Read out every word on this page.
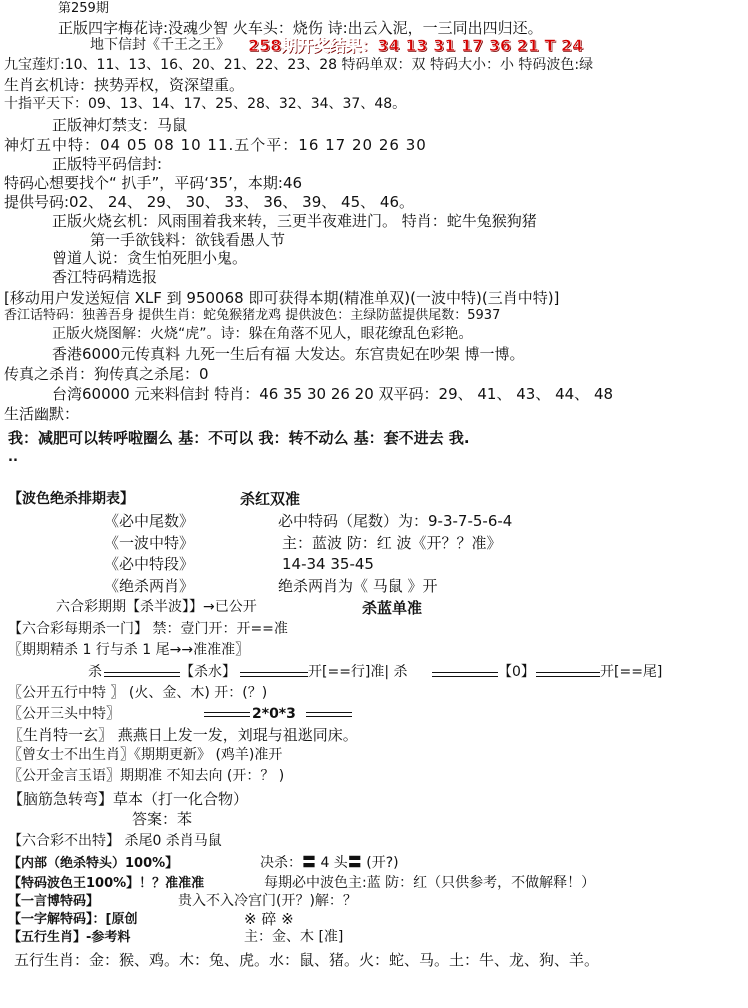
第259期
正版四字梅花诗:没魂少智 火车头：烧伤 诗:出云入泥，一三同出四归还。
地下信封《千王之王》 258期开奖结果：34 13 31 17 36 21 T 24
九宝莲灯:10、11、13、16、20、21、22、23、28 特码单双：双 特码大小：小 特码波色:绿
生肖玄机诗：挟势弄权，资深望重。
十指平天下：09、13、14、17、25、28、32、34、37、48。
正版神灯禁支：马鼠
神灯五中特：04 05 08 10 11.五个平：16 17 20 26 30
正版特平码信封:
特码心想要找个“ 扒手”，平码‘35’，本期:46
提供号码:02、 24、 29、 30、 33、 36、 39、 45、 46。
正版火烧玄机：风雨围着我来转，三更半夜难进门。 特肖：蛇牛兔猴狗猪
第一手欲钱料：欲钱看愚人节
曾道人说：贪生怕死胆小鬼。
香江特码精选报
[移动用户发送短信 XLF 到 950068 即可获得本期(精准单双)(一波中特)(三肖中特)]
香江话特码：独善吾身 提供生肖：蛇兔猴猪龙鸡 提供波色：主绿防蓝提供尾数：5937
正版火烧图解：火烧“虎”。诗：躲在角落不见人，眼花缭乱色彩艳。
香港6000元传真料 九死一生后有福 大发达。东宫贵妃在吵架 博一博。
传真之杀肖：狗传真之杀尾：0
台湾60000 元来料信封 特肖：46 35 30 26 20 双平码：29、 41、 43、 44、 48
生活幽默：
我：减肥可以转呼啦圈么 基：不可以 我：转不动么 基：套不进去 我.
..
【波色绝杀排期表】	杀红双准
《必中尾数》	必中特码（尾数）为：9-3-7-5-6-4
《一波中特》	主：蓝波 防：红 波《开？？准》
《必中特段》	14-34 35-45
《绝杀两肖》	绝杀两肖为《 马鼠 》开
六合彩期期【杀半波】】→已公开	杀蓝单准
【六合彩每期杀一门】 禁：壹门开：开==准
〖期期精杀 1 行与杀 1 尾→→准准准〗
杀	【杀水】	开[==行]准| 杀	【0】	开[==尾]
〖公开五行中特 〗 (火、金、木) 开：(？)
〖公开三头中特〗	2*0*3
〖生肖特一玄〗 燕燕日上发一发，刘琨与祖逖同床。
〖曾女士不出生肖〗《期期更新》 (鸡羊)准开
〖公开金言玉语〗期期准 不知去向 (开：？ )
【脑筋急转弯】草本（打一化合物）
答案：苯
【六合彩不出特】 杀尾0 杀肖马鼠
【内部（绝杀特头）100%】	决杀：〓 4 头〓 (开?)
【特码波色王100%】！？准准准	每期必中波色主:蓝 防：红（只供参考，不做解释！）
【一言博特码】	贵入不入冷宫门(开？)解：？
【一字解特码】：[原创	※ 碎 ※
【五行生肖】-参考料	主：金、木 [准]
五行生肖：金：猴、鸡。木：兔、虎。水：鼠、猪。火：蛇、马。土：牛、龙、狗、羊。
